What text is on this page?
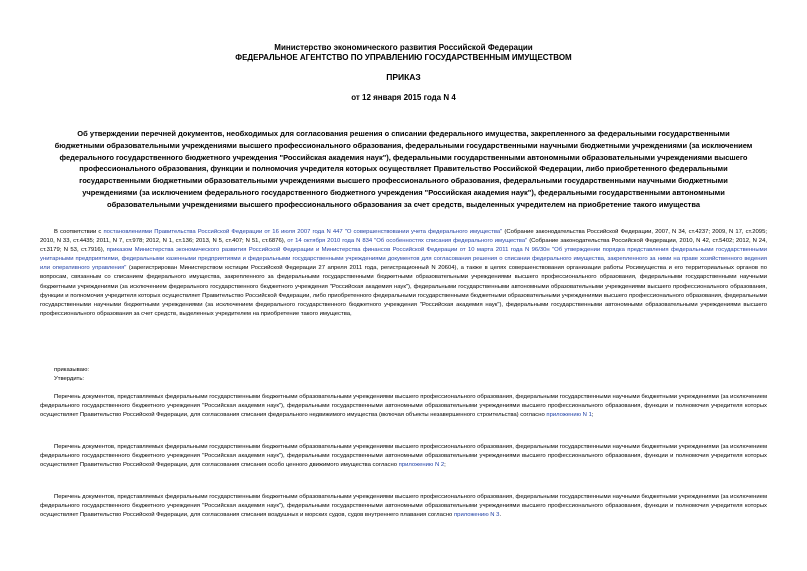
Министерство экономического развития Российской Федерации
ФЕДЕРАЛЬНОЕ АГЕНТСТВО ПО УПРАВЛЕНИЮ ГОСУДАРСТВЕННЫМ ИМУЩЕСТВОМ
ПРИКАЗ
от 12 января 2015 года N 4
Об утверждении перечней документов, необходимых для согласования решения о списании федерального имущества, закрепленного за федеральными государственными бюджетными образовательными учреждениями высшего профессионального образования, федеральными государственными научными бюджетными учреждениями (за исключением федерального государственного бюджетного учреждения "Российская академия наук"), федеральными государственными автономными образовательными учреждениями высшего профессионального образования, функции и полномочия учредителя которых осуществляет Правительство Российской Федерации, либо приобретенного федеральными государственными бюджетными образовательными учреждениями высшего профессионального образования, федеральными государственными научными бюджетными учреждениями (за исключением федерального государственного бюджетного учреждения "Российская академия наук"), федеральными государственными автономными образовательными учреждениями высшего профессионального образования за счет средств, выделенных учредителем на приобретение такого имущества
В соответствии с постановлениями Правительства Российской Федерации от 16 июля 2007 года N 447 "О совершенствовании учета федерального имущества" (Собрание законодательства Российской Федерации, 2007, N 34, ст.4237; 2009, N 17, ст.2095; 2010, N 33, ст.4435; 2011, N 7, ст.978; 2012, N 1, ст.136; 2013, N 5, ст.407; N 51, ст.6876), от 14 октября 2010 года N 834 "Об особенностях списания федерального имущества" (Собрание законодательства Российской Федерации, 2010, N 42, ст.5402; 2012, N 24, ст.3179; N 53, ст.7916), приказом Министерства экономического развития Российской Федерации и Министерства финансов Российской Федерации от 10 марта 2011 года N 96/30н "Об утверждении порядка представления федеральными государственными унитарными предприятиями, федеральными казенными предприятиями и федеральными государственными учреждениями документов для согласования решения о списании федерального имущества, закрепленного за ними на праве хозяйственного ведения или оперативного управления" (зарегистрирован Министерством юстиции Российской Федерации 27 апреля 2011 года, регистрационный N 20604), а также в целях совершенствования организации работы Росимущества и его территориальных органов по вопросам, связанным со списанием федерального имущества, закрепленного за федеральными государственными бюджетными образовательными учреждениями высшего профессионального образования, федеральными государственными научными бюджетными учреждениями (за исключением федерального государственного бюджетного учреждения "Российская академия наук"), федеральными государственными автономными образовательными учреждениями высшего профессионального образования, функции и полномочия учредителя которых осуществляет Правительство Российской Федерации, либо приобретенного федеральными государственными бюджетными образовательными учреждениями высшего профессионального образования, федеральными государственными научными бюджетными учреждениями (за исключением федерального государственного бюджетного учреждения "Российская академия наук"), федеральными государственными автономными образовательными учреждениями высшего профессионального образования за счет средств, выделенных учредителем на приобретение такого имущества,
приказываю:
Утвердить:
Перечень документов, представляемых федеральными государственными бюджетными образовательными учреждениями высшего профессионального образования, федеральными государственными научными бюджетными учреждениями (за исключением федерального государственного бюджетного учреждения "Российская академия наук"), федеральными государственными автономными образовательными учреждениями высшего профессионального образования, функции и полномочия учредителя которых осуществляет Правительство Российской Федерации, для согласования списания федерального недвижимого имущества (включая объекты незавершенного строительства) согласно приложению N 1;
Перечень документов, представляемых федеральными государственными бюджетными образовательными учреждениями высшего профессионального образования, федеральными государственными научными бюджетными учреждениями (за исключением федерального государственного бюджетного учреждения "Российская академия наук"), федеральными государственными автономными образовательными учреждениями высшего профессионального образования, функции и полномочия учредителя которых осуществляет Правительство Российской Федерации, для согласования списания особо ценного движимого имущества согласно приложению N 2;
Перечень документов, представляемых федеральными государственными бюджетными образовательными учреждениями высшего профессионального образования, федеральными государственными научными бюджетными учреждениями (за исключением федерального государственного бюджетного учреждения "Российская академия наук"), федеральными государственными автономными образовательными учреждениями высшего профессионального образования, функции и полномочия учредителя которых осуществляет Правительство Российской Федерации, для согласования списания воздушных и морских судов, судов внутреннего плавания согласно приложению N 3.
